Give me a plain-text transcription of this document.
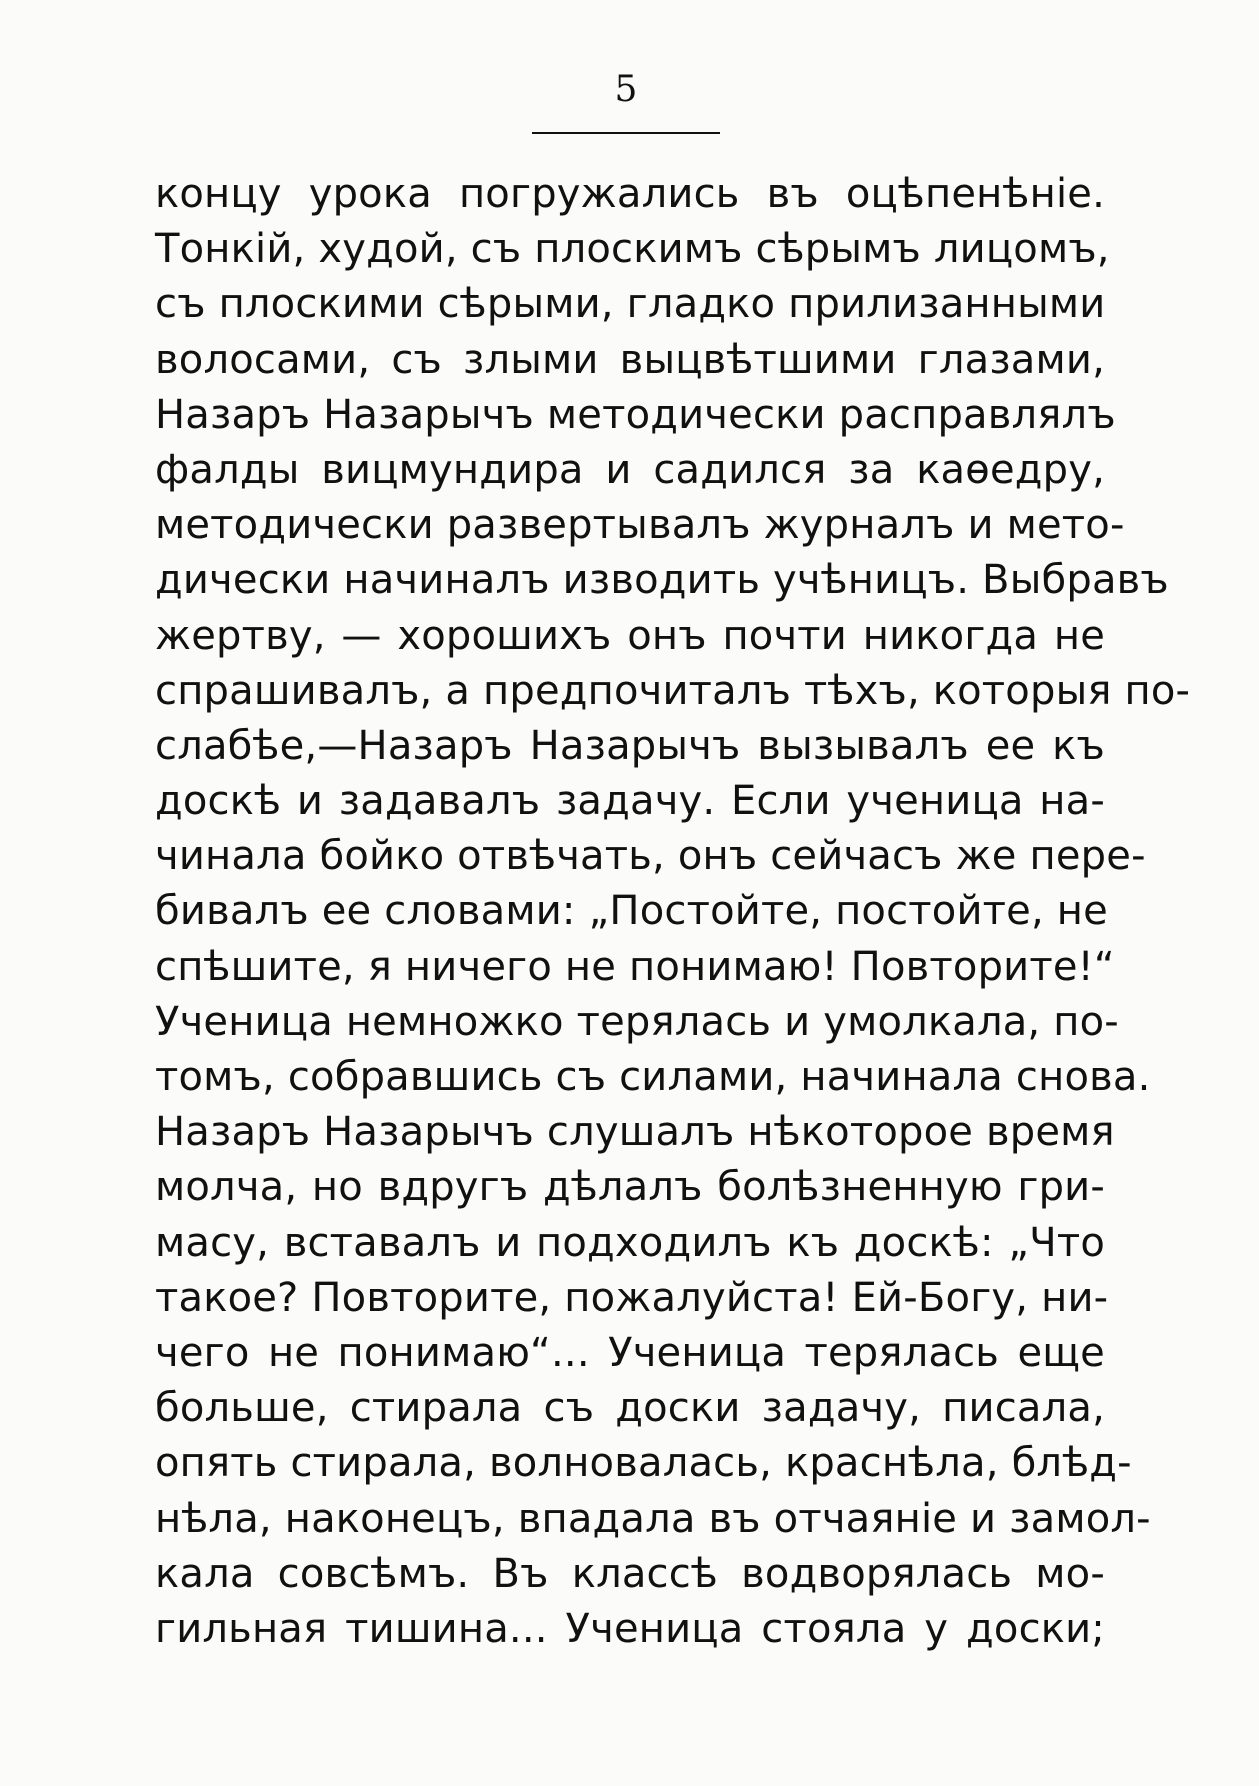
5
концу урока погружались въ оцѣпенѣніе.
Тонкій, худой, съ плоскимъ сѣрымъ лицомъ,
съ плоскими сѣрыми, гладко прилизанными
волосами, съ злыми выцвѣтшими глазами,
Назаръ Назарычъ методически расправлялъ
фалды вицмундира и садился за каѳедру,
методически развертывалъ журналъ и мето-
дически начиналъ изводить учѣницъ. Выбравъ
жертву, — хорошихъ онъ почти никогда не
спрашивалъ, а предпочиталъ тѣхъ, которыя по-
слабѣе,—Назаръ Назарычъ вызывалъ ее къ
доскѣ и задавалъ задачу. Если ученица на-
чинала бойко отвѣчать, онъ сейчасъ же пере-
бивалъ ее словами: „Постойте, постойте, не
спѣшите, я ничего не понимаю! Повторите!“
Ученица немножко терялась и умолкала, по-
томъ, собравшись съ силами, начинала снова.
Назаръ Назарычъ слушалъ нѣкоторое время
молча, но вдругъ дѣлалъ болѣзненную гри-
масу, вставалъ и подходилъ къ доскѣ: „Что
такое? Повторите, пожалуйста! Ей-Богу, ни-
чего не понимаю“... Ученица терялась еще
больше, стирала съ доски задачу, писала,
опять стирала, волновалась, краснѣла, блѣд-
нѣла, наконецъ, впадала въ отчаяніе и замол-
кала совсѣмъ. Въ классѣ водворялась мо-
гильная тишина... Ученица стояла у доски;
